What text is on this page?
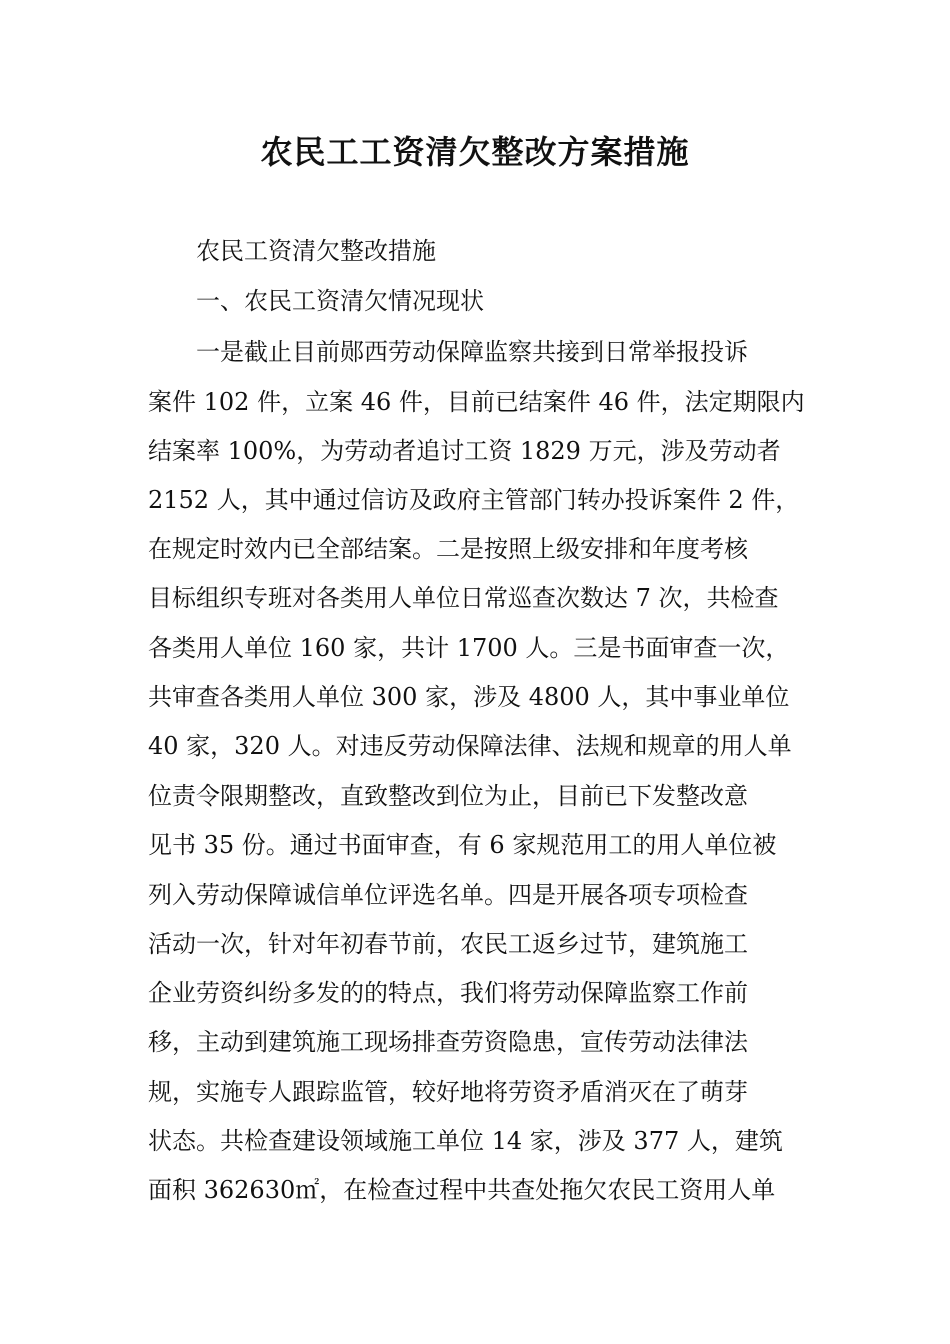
农民工工资清欠整改方案措施

农民工资清欠整改措施

一、农民工资清欠情况现状

一是截止目前郧西劳动保障监察共接到日常举报投诉

案件 102 件，立案 46 件，目前已结案件 46 件，法定期限内

结案率 100%，为劳动者追讨工资 1829 万元，涉及劳动者

2152 人，其中通过信访及政府主管部门转办投诉案件 2 件，

在规定时效内已全部结案。二是按照上级安排和年度考核

目标组织专班对各类用人单位日常巡查次数达 7 次，共检查

各类用人单位 160 家，共计 1700 人。三是书面审查一次，

共审查各类用人单位 300 家，涉及 4800 人，其中事业单位

40 家，320 人。对违反劳动保障法律、法规和规章的用人单

位责令限期整改，直致整改到位为止，目前已下发整改意

见书 35 份。通过书面审查，有 6 家规范用工的用人单位被

列入劳动保障诚信单位评选名单。四是开展各项专项检查

活动一次，针对年初春节前，农民工返乡过节，建筑施工

企业劳资纠纷多发的的特点，我们将劳动保障监察工作前

移，主动到建筑施工现场排查劳资隐患，宣传劳动法律法

规，实施专人跟踪监管，较好地将劳资矛盾消灭在了萌芽

状态。共检查建设领域施工单位 14 家，涉及 377 人，建筑

面积 362630㎡，在检查过程中共查处拖欠农民工资用人单
